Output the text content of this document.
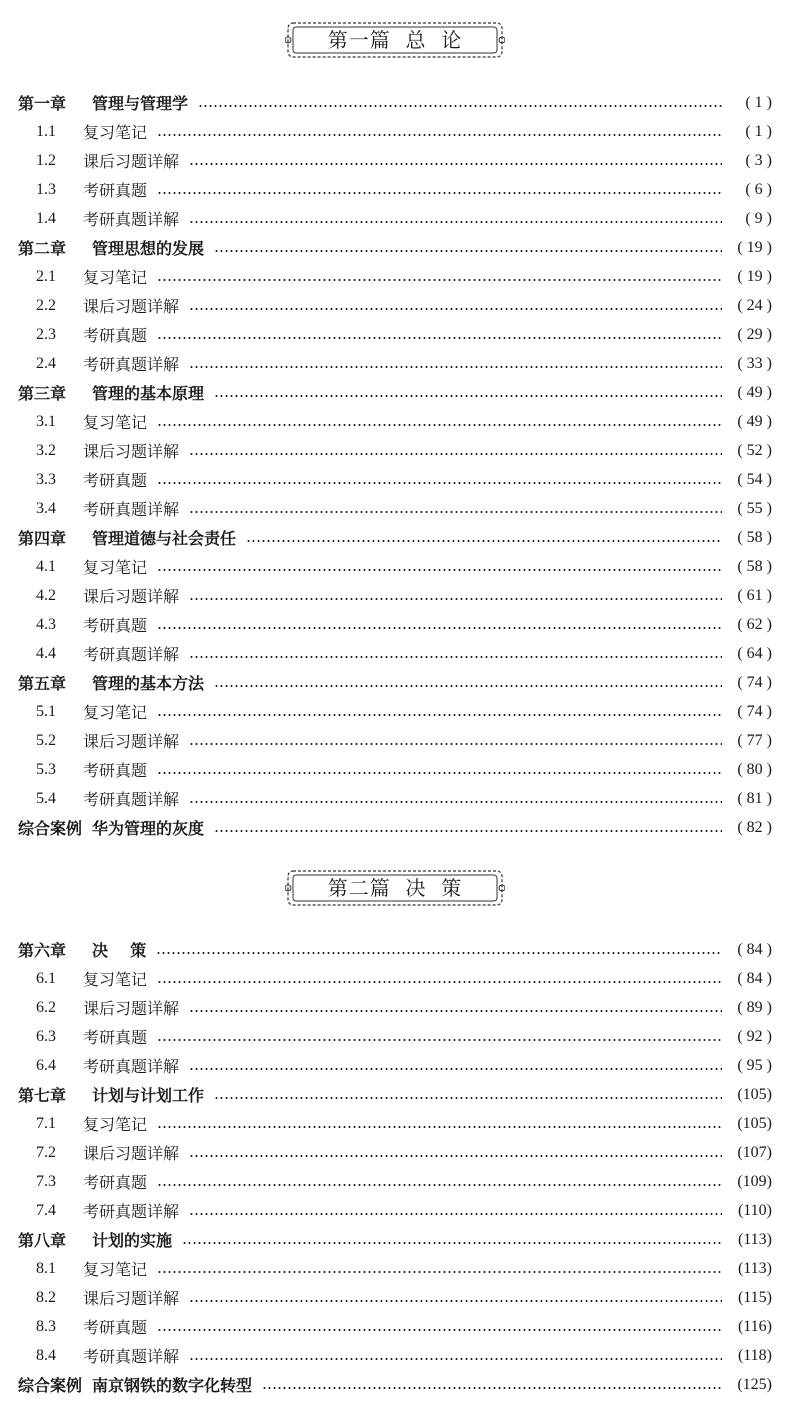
第一篇  总  论
第一章	管理与管理学	( 1 )
1.1	复习笔记	( 1 )
1.2	课后习题详解	( 3 )
1.3	考研真题	( 6 )
1.4	考研真题详解	( 9 )
第二章	管理思想的发展	( 19 )
2.1	复习笔记	( 19 )
2.2	课后习题详解	( 24 )
2.3	考研真题	( 29 )
2.4	考研真题详解	( 33 )
第三章	管理的基本原理	( 49 )
3.1	复习笔记	( 49 )
3.2	课后习题详解	( 52 )
3.3	考研真题	( 54 )
3.4	考研真题详解	( 55 )
第四章	管理道德与社会责任	( 58 )
4.1	复习笔记	( 58 )
4.2	课后习题详解	( 61 )
4.3	考研真题	( 62 )
4.4	考研真题详解	( 64 )
第五章	管理的基本方法	( 74 )
5.1	复习笔记	( 74 )
5.2	课后习题详解	( 77 )
5.3	考研真题	( 80 )
5.4	考研真题详解	( 81 )
综合案例 华为管理的灰度	( 82 )
第二篇  决  策
第六章	决    策	( 84 )
6.1	复习笔记	( 84 )
6.2	课后习题详解	( 89 )
6.3	考研真题	( 92 )
6.4	考研真题详解	( 95 )
第七章	计划与计划工作	(105)
7.1	复习笔记	(105)
7.2	课后习题详解	(107)
7.3	考研真题	(109)
7.4	考研真题详解	(110)
第八章	计划的实施	(113)
8.1	复习笔记	(113)
8.2	课后习题详解	(115)
8.3	考研真题	(116)
8.4	考研真题详解	(118)
综合案例 南京钢铁的数字化转型	(125)
